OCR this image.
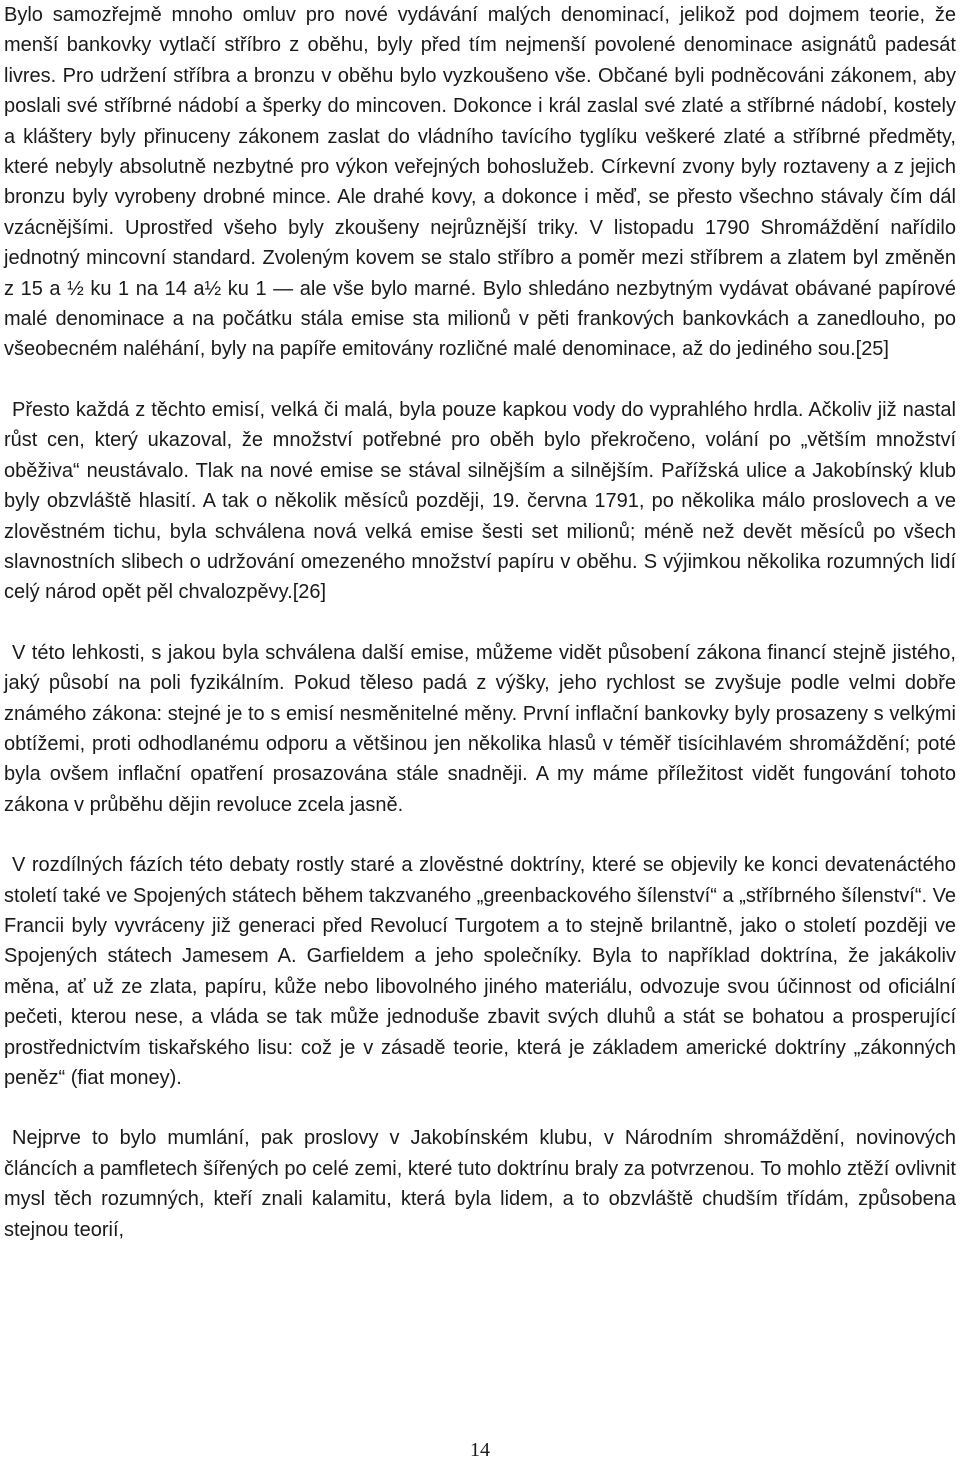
Bylo samozřejmě mnoho omluv pro nové vydávání malých denominací, jelikož pod dojmem teorie, že menší bankovky vytlačí stříbro z oběhu, byly před tím nejmenší povolené denominace asignátů padesát livres. Pro udržení stříbra a bronzu v oběhu bylo vyzkoušeno vše. Občané byli podněcováni zákonem, aby poslali své stříbrné nádobí a šperky do mincoven. Dokonce i král zaslal své zlaté a stříbrné nádobí, kostely a kláštery byly přinuceny zákonem zaslat do vládního tavícího tyglíku veškeré zlaté a stříbrné předměty, které nebyly absolutně nezbytné pro výkon veřejných bohoslužeb. Církevní zvony byly roztaveny a z jejich bronzu byly vyrobeny drobné mince. Ale drahé kovy, a dokonce i měď, se přesto všechno stávaly čím dál vzácnějšími. Uprostřed všeho byly zkoušeny nejrůznější triky. V listopadu 1790 Shromáždění nařídilo jednotný mincovní standard. Zvoleným kovem se stalo stříbro a poměr mezi stříbrem a zlatem byl změněn z 15 a ½ ku 1 na 14 a½ ku 1 — ale vše bylo marné. Bylo shledáno nezbytným vydávat obávané papírové malé denominace a na počátku stála emise sta milionů v pěti frankových bankovkách a zanedlouho, po všeobecném naléhání, byly na papíře emitovány rozličné malé denominace, až do jediného sou.[25]

Přesto každá z těchto emisí, velká či malá, byla pouze kapkou vody do vyprahlého hrdla. Ačkoliv již nastal růst cen, který ukazoval, že množství potřebné pro oběh bylo překročeno, volání po „větším množství oběživa“ neustávalo. Tlak na nové emise se stával silnějším a silnějším. Pařížská ulice a Jakobínský klub byly obzvláště hlasití. A tak o několik měsíců později, 19. června 1791, po několika málo proslovech a ve zlověstném tichu, byla schválena nová velká emise šesti set milionů; méně než devět měsíců po všech slavnostních slibech o udržování omezeného množství papíru v oběhu. S výjimkou několika rozumných lidí celý národ opět pěl chvalozpěvy.[26]

V této lehkosti, s jakou byla schválena další emise, můžeme vidět působení zákona financí stejně jistého, jaký působí na poli fyzikálním. Pokud těleso padá z výšky, jeho rychlost se zvyšuje podle velmi dobře známého zákona: stejné je to s emisí nesměnitelné měny. První inflační bankovky byly prosazeny s velkými obtížemi, proti odhodlanému odporu a většinou jen několika hlasů v téměř tisícihlavém shromáždění; poté byla ovšem inflační opatření prosazována stále snadněji. A my máme příležitost vidět fungování tohoto zákona v průběhu dějin revoluce zcela jasně.

V rozdílných fázích této debaty rostly staré a zlověstné doktríny, které se objevily ke konci devatenáctého století také ve Spojených státech během takzvaného „greenbackového šílenství“ a „stříbrného šílenství“. Ve Francii byly vyvráceny již generaci před Revolucí Turgotem a to stejně brilantně, jako o století později ve Spojených státech Jamesem A. Garfieldem a jeho společníky. Byla to například doktrína, že jakákoliv měna, ať už ze zlata, papíru, kůže nebo libovolného jiného materiálu, odvozuje svou účinnost od oficiální pečeti, kterou nese, a vláda se tak může jednoduše zbavit svých dluhů a stát se bohatou a prosperující prostřednictvím tiskařského lisu: což je v zásadě teorie, která je základem americké doktríny „zákonných peněz“ (fiat money).

Nejprve to bylo mumlání, pak proslovy v Jakobínském klubu, v Národním shromáždění, novinových článcích a pamfletech šířených po celé zemi, které tuto doktrínu braly za potvrzenou. To mohlo ztěží ovlivnit mysl těch rozumných, kteří znali kalamitu, která byla lidem, a to obzvláště chudším třídám, způsobena stejnou teorií,

14
